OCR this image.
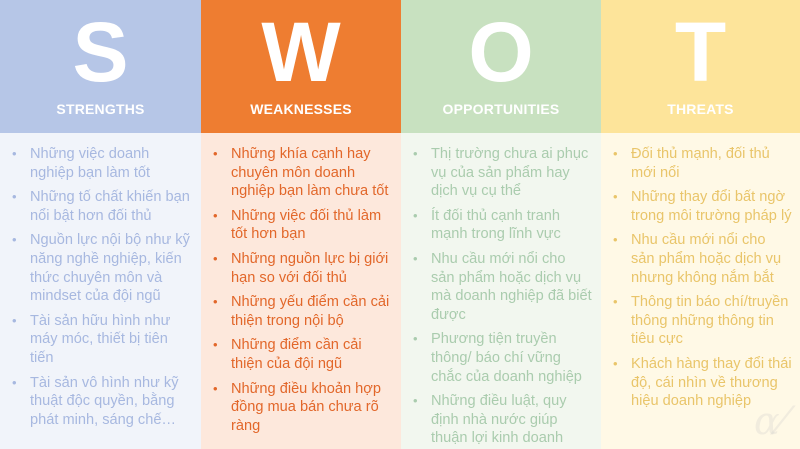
S
STRENGTHS
• Những việc doanh nghiệp bạn làm tốt
• Những tố chất khiến bạn nổi bật hơn đối thủ
• Nguồn lực nội bộ như kỹ năng nghề nghiệp, kiến thức chuyên môn và mindset của đội ngũ
• Tài sản hữu hình như máy móc, thiết bị tiên tiến
• Tài sản vô hình như kỹ thuật độc quyền, bằng phát minh, sáng chế…
W
WEAKNESSES
• Những khía cạnh hay chuyên môn doanh nghiệp bạn làm chưa tốt
• Những việc đối thủ làm tốt hơn bạn
• Những nguồn lực bị giới hạn so với đối thủ
• Những yếu điểm cần cải thiện trong nội bộ
• Những điểm cần cải thiện của đội ngũ
• Những điều khoản hợp đồng mua bán chưa rõ ràng
O
OPPORTUNITIES
• Thị trường chưa ai phục vụ của sản phẩm hay dịch vụ cụ thể
• Ít đối thủ cạnh tranh mạnh trong lĩnh vực
• Nhu cầu mới nổi cho sản phẩm hoặc dịch vụ mà doanh nghiệp đã biết được
• Phương tiện truyền thông/ báo chí vững chắc của doanh nghiệp
• Những điều luật, quy định nhà nước giúp thuận lợi kinh doanh
T
THREATS
• Đối thủ mạnh, đối thủ mới nổi
• Những thay đổi bất ngờ trong môi trường pháp lý
• Nhu cầu mới nổi cho sản phẩm hoặc dịch vụ nhưng không nắm bắt
• Thông tin báo chí/truyền thông những thông tin tiêu cực
• Khách hàng thay đổi thái độ, cái nhìn về thương hiệu doanh nghiệp ɑ⁄
